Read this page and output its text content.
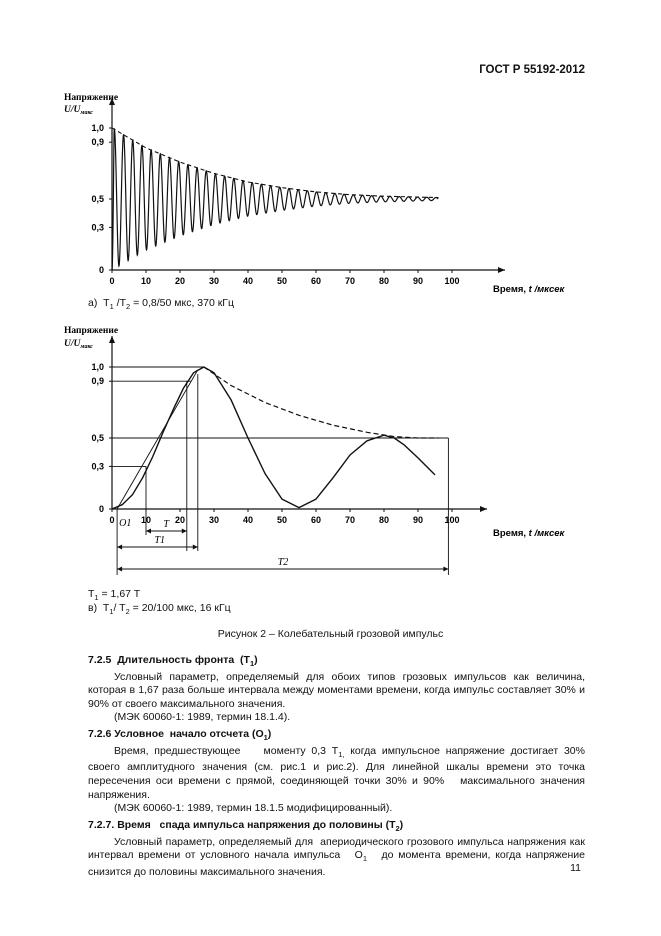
ГОСТ Р 55192-2012
0	10	20	30	40	50	60	70	80	90 100
1,0
0,9
0,5
0,3
0
Напряжение
$U/U_{макс}$
Время, t /мксек
а)  $T_1$ $/T_2 = 0,8/50$ мкс, 370 кГц
0	10	20	30	40	50	60	70	80	90 100
1,0
0,9
0,5
0,3
0
O1	T
T1
T2
Напряжение
$U/U_{макс}$
Время, t /мксек
$T_1 = 1,67$ T
в)  $T_1/$ $T_2 = 20/100$ мкс, 16 кГц
Рисунок 2 – Колебательный грозовой импульс
7.2.5  Длительность фронта  $(T_1)$

Условный параметр, определяемый для обоих типов грозовых импульсов как величина, которая в 1,67 раза больше интервала между моментами времени, когда импульс составляет 30% и 90% от своего максимального значения.

(МЭК 60060-1: 1989, термин 18.1.4).

7.2.6 Условное  начало отсчета $(O_1)$

Время, предшествующее    моменту 0,3 $T_{1,}$ когда импульсное напряжение достигает 30% своего амплитудного значения (см. рис.1 и рис.2). Для линейной шкалы времени это точка пересечения оси времени с прямой, соединяющей точки 30% и 90%   максимального значения напряжения.

(МЭК 60060-1: 1989, термин 18.1.5 модифицированный).

7.2.7. Время   спада импульса напряжения до половины $(T_2)$

Условный параметр, определяемый для  апериодического грозового импульса напряжения как интервал времени от условного начала импульса   $O_1$   до момента времени, когда напряжение снизится до половины максимального значения.	11
